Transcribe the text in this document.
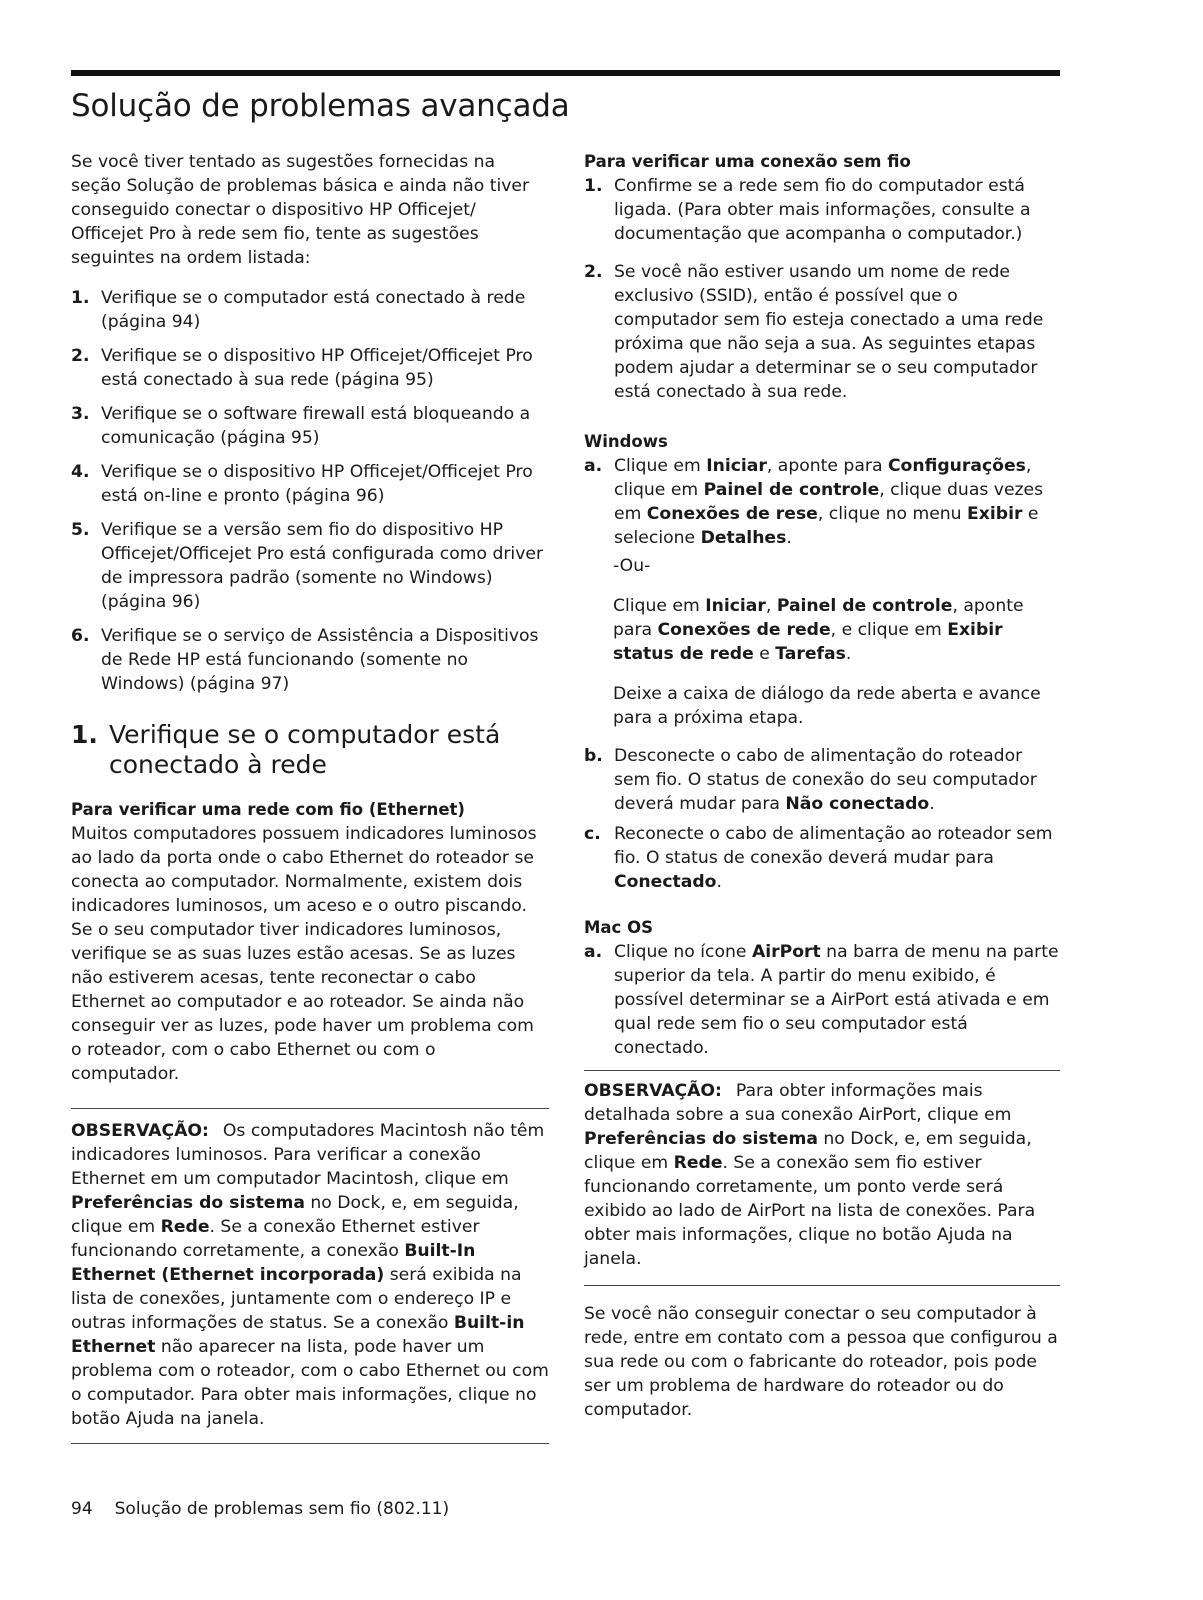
Solução de problemas avançada

Se você tiver tentado as sugestões fornecidas na seção Solução de problemas básica e ainda não tiver conseguido conectar o dispositivo HP Officejet/ Officejet Pro à rede sem fio, tente as sugestões seguintes na ordem listada:

1. Verifique se o computador está conectado à rede (página 94)
2. Verifique se o dispositivo HP Officejet/Officejet Pro está conectado à sua rede (página 95)
3. Verifique se o software firewall está bloqueando a comunicação (página 95)
4. Verifique se o dispositivo HP Officejet/Officejet Pro está on-line e pronto (página 96)
5. Verifique se a versão sem fio do dispositivo HP Officejet/Officejet Pro está configurada como driver de impressora padrão (somente no Windows) (página 96)
6. Verifique se o serviço de Assistência a Dispositivos de Rede HP está funcionando (somente no Windows) (página 97)
1. Verifique se o computador está conectado à rede

Para verificar uma rede com fio (Ethernet)

Muitos computadores possuem indicadores luminosos ao lado da porta onde o cabo Ethernet do roteador se conecta ao computador. Normalmente, existem dois indicadores luminosos, um aceso e o outro piscando. Se o seu computador tiver indicadores luminosos, verifique se as suas luzes estão acesas. Se as luzes não estiverem acesas, tente reconectar o cabo Ethernet ao computador e ao roteador. Se ainda não conseguir ver as luzes, pode haver um problema com o roteador, com o cabo Ethernet ou com o computador.

OBSERVAÇÃO: Os computadores Macintosh não têm indicadores luminosos. Para verificar a conexão Ethernet em um computador Macintosh, clique em Preferências do sistema no Dock, e, em seguida, clique em Rede. Se a conexão Ethernet estiver funcionando corretamente, a conexão Built-In Ethernet (Ethernet incorporada) será exibida na lista de conexões, juntamente com o endereço IP e outras informações de status. Se a conexão Built-in Ethernet não aparecer na lista, pode haver um problema com o roteador, com o cabo Ethernet ou com o computador. Para obter mais informações, clique no botão Ajuda na janela.

Para verificar uma conexão sem fio

1. Confirme se a rede sem fio do computador está ligada. (Para obter mais informações, consulte a documentação que acompanha o computador.)
2. Se você não estiver usando um nome de rede exclusivo (SSID), então é possível que o computador sem fio esteja conectado a uma rede próxima que não seja a sua. As seguintes etapas podem ajudar a determinar se o seu computador está conectado à sua rede.

Windows

a. Clique em Iniciar, aponte para Configurações, clique em Painel de controle, clique duas vezes em Conexões de rese, clique no menu Exibir e selecione Detalhes.

-Ou-

Clique em Iniciar, Painel de controle, aponte para Conexões de rede, e clique em Exibir status de rede e Tarefas.

Deixe a caixa de diálogo da rede aberta e avance para a próxima etapa.

b. Desconecte o cabo de alimentação do roteador sem fio. O status de conexão do seu computador deverá mudar para Não conectado.
c. Reconecte o cabo de alimentação ao roteador sem fio. O status de conexão deverá mudar para Conectado.

Mac OS

a. Clique no ícone AirPort na barra de menu na parte superior da tela. A partir do menu exibido, é possível determinar se a AirPort está ativada e em qual rede sem fio o seu computador está conectado.

OBSERVAÇÃO: Para obter informações mais detalhada sobre a sua conexão AirPort, clique em Preferências do sistema no Dock, e, em seguida, clique em Rede. Se a conexão sem fio estiver funcionando corretamente, um ponto verde será exibido ao lado de AirPort na lista de conexões. Para obter mais informações, clique no botão Ajuda na janela.

Se você não conseguir conectar o seu computador à rede, entre em contato com a pessoa que configurou a sua rede ou com o fabricante do roteador, pois pode ser um problema de hardware do roteador ou do computador.

94 Solução de problemas sem fio (802.11)
